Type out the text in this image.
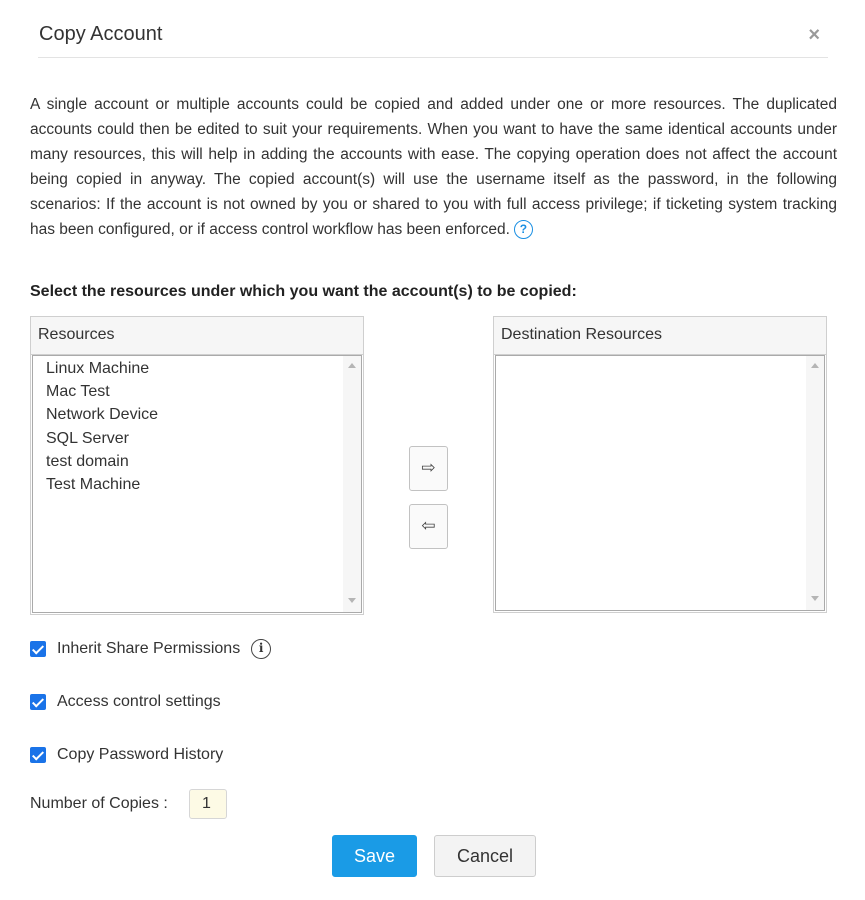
Copy Account	×
A single account or multiple accounts could be copied and added under one or more resources. The duplicated accounts could then be edited to suit your requirements. When you want to have the same identical accounts under many resources, this will help in adding the accounts with ease. The copying operation does not affect the account being copied in anyway. The copied account(s) will use the username itself as the password, in the following scenarios: If the account is not owned by you or shared to you with full access privilege; if ticketing system tracking has been configured, or if access control workflow has been enforced. ?
Select the resources under which you want the account(s) to be copied:
Resources
Linux Machine
Mac Test
Network Device
SQL Server
test domain
Test Machine
⇨
⇦
Destination Resources
Inherit Share Permissions	i
Access control settings
Copy Password History
Number of Copies :
1
Save	Cancel
